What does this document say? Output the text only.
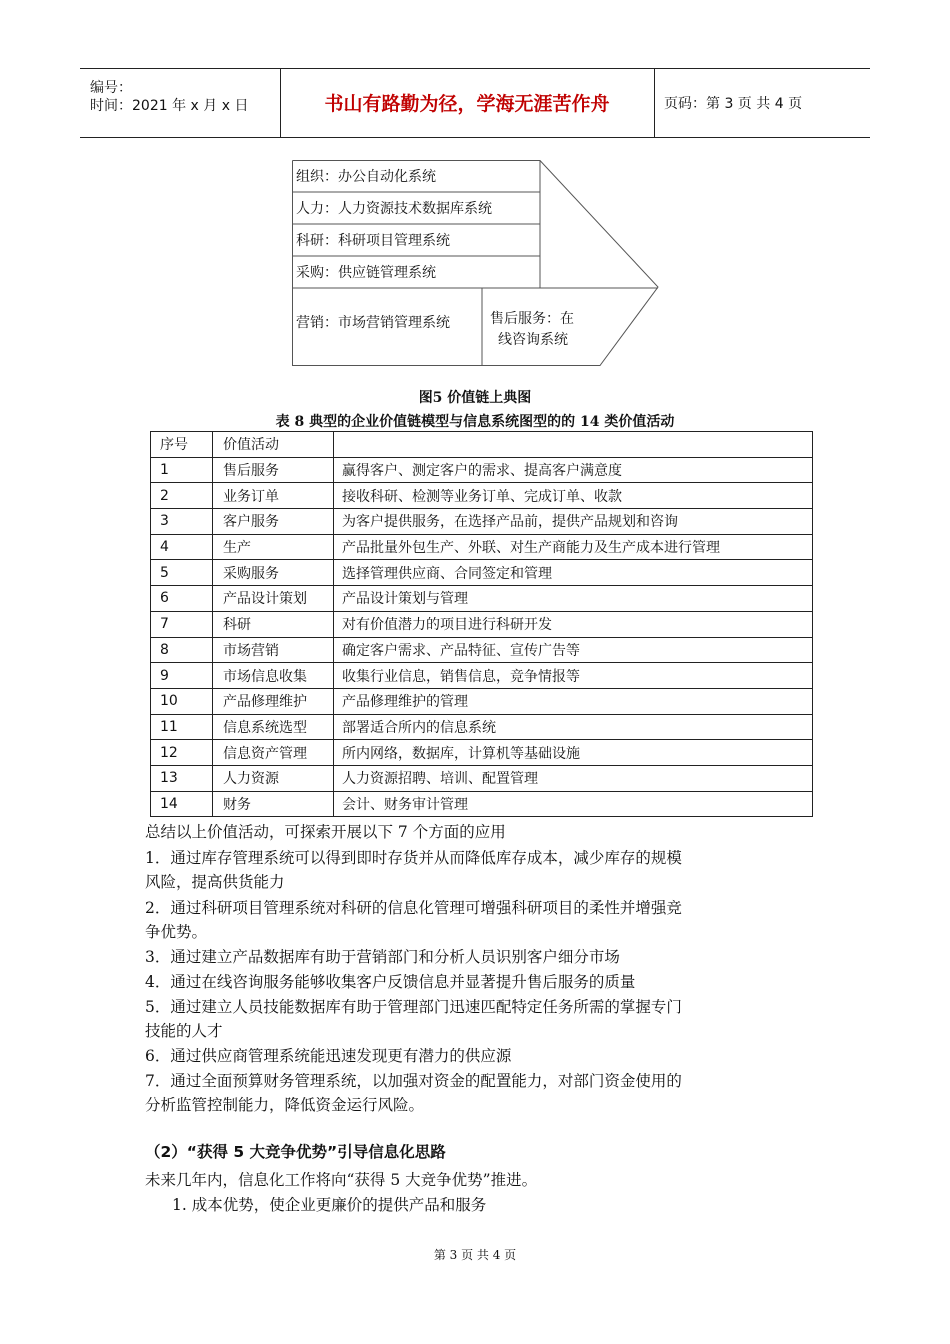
编号：
时间：2021 年 x 月 x 日	书山有路勤为径，学海无涯苦作舟	页码：第 3 页 共 4 页
组织：办公自动化系统
人力：人力资源技术数据库系统
科研：科研项目管理系统
采购：供应链管理系统
营销：市场营销管理系统	售后服务：在
线咨询系统
图5 价值链上典图
表 8 典型的企业价值链模型与信息系统图型的的 14 类价值活动
序号	价值活动	
1	售后服务	赢得客户、测定客户的需求、提高客户满意度
2	业务订单	接收科研、检测等业务订单、完成订单、收款
3	客户服务	为客户提供服务，在选择产品前，提供产品规划和咨询
4	生产	产品批量外包生产、外联、对生产商能力及生产成本进行管理
5	采购服务	选择管理供应商、合同签定和管理
6	产品设计策划	产品设计策划与管理
7	科研	对有价值潜力的项目进行科研开发
8	市场营销	确定客户需求、产品特征、宣传广告等
9	市场信息收集	收集行业信息，销售信息，竞争情报等
10	产品修理维护	产品修理维护的管理
11	信息系统选型	部署适合所内的信息系统
12	信息资产管理	所内网络，数据库，计算机等基础设施
13	人力资源	人力资源招聘、培训、配置管理
14	财务	会计、财务审计管理
总结以上价值活动，可探索开展以下 7 个方面的应用
1．通过库存管理系统可以得到即时存货并从而降低库存成本，减少库存的规模
风险，提高供货能力
2．通过科研项目管理系统对科研的信息化管理可增强科研项目的柔性并增强竞
争优势。
3．通过建立产品数据库有助于营销部门和分析人员识别客户细分市场
4．通过在线咨询服务能够收集客户反馈信息并显著提升售后服务的质量
5．通过建立人员技能数据库有助于管理部门迅速匹配特定任务所需的掌握专门
技能的人才
6．通过供应商管理系统能迅速发现更有潜力的供应源
7．通过全面预算财务管理系统，以加强对资金的配置能力，对部门资金使用的
分析监管控制能力，降低资金运行风险。
（2）“获得 5 大竞争优势”引导信息化思路
未来几年内，信息化工作将向“获得 5 大竞争优势”推进。
1. 成本优势，使企业更廉价的提供产品和服务
第 3 页 共 4 页
